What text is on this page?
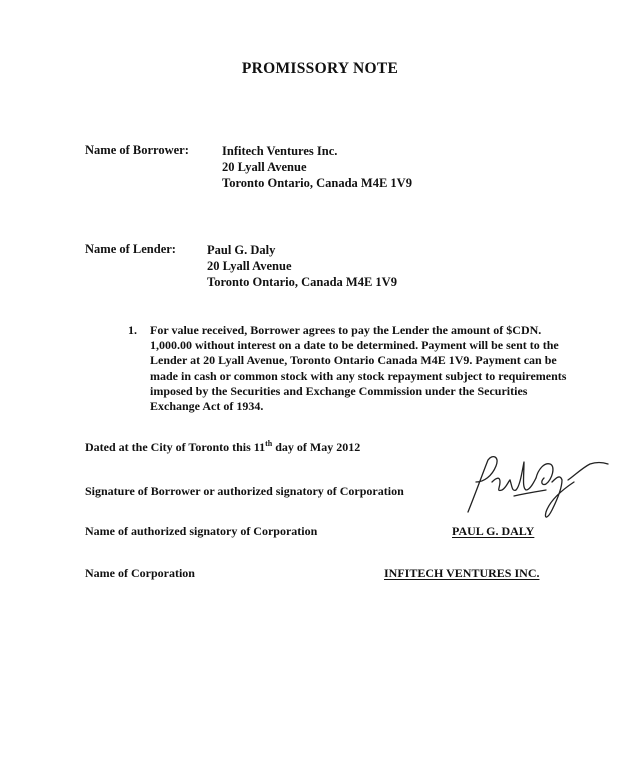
PROMISSORY NOTE
Name of Borrower:	Infitech Ventures Inc.
20 Lyall Avenue
Toronto Ontario, Canada M4E 1V9
Name of Lender: Paul G. Daly
20 Lyall Avenue
Toronto Ontario, Canada M4E 1V9
1. For value received, Borrower agrees to pay the Lender the amount of $CDN. 1,000.00 without interest on a date to be determined. Payment will be sent to the Lender at 20 Lyall Avenue, Toronto Ontario Canada M4E 1V9. Payment can be made in cash or common stock with any stock repayment subject to requirements imposed by the Securities and Exchange Commission under the Securities Exchange Act of 1934.
Dated at the City of Toronto this 11th day of May 2012
Signature of Borrower or authorized signatory of Corporation
Name of authorized signatory of Corporation	PAUL G. DALY
Name of Corporation	INFITECH VENTURES INC.
